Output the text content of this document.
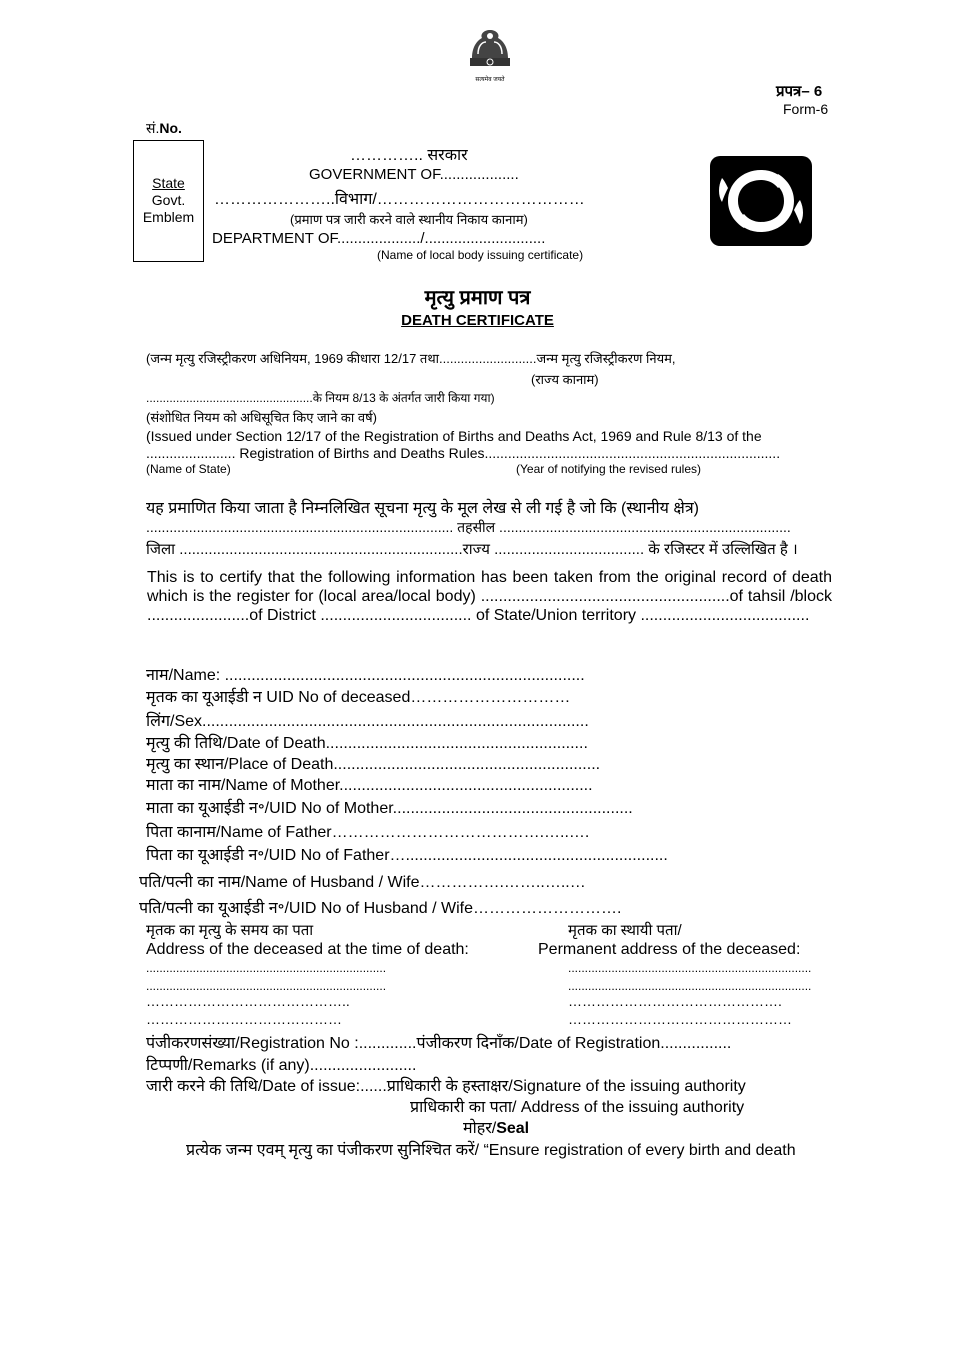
सत्यमेव जयते
प्रपत्र– 6
Form-6
सं.No.
State
Govt.
Emblem
………….. सरकार
GOVERNMENT OF...................
…………………..विभाग/…………………………………
(प्रमाण पत्र जारी करने वाले स्थानीय निकाय कानाम)
DEPARTMENT OF..................../.............................
(Name of local body issuing certificate)
मृत्यु प्रमाण पत्र
DEATH CERTIFICATE
(जन्म मृत्यु रजिस्ट्रीकरण अधिनियम, 1969 कीधारा 12/17 तथा...........................जन्म मृत्यु रजिस्ट्रीकरण नियम,
(राज्य कानाम)
..................................................के नियम 8/13 के अंतर्गत जारी किया गया)
(संशोधित नियम को अधिसूचित किए जाने का वर्ष)
(Issued under Section 12/17 of the Registration of Births and Deaths Act, 1969 and Rule 8/13 of the
....................... Registration of Births and Deaths Rules............................................................................
(Name of State)	(Year of notifying the revised rules)
यह प्रमाणित किया जाता है निम्नलिखित सूचना मृत्यु के मूल लेख से ली गई है जो कि (स्थानीय क्षेत्र)
............................................................................... तहसील ...........................................................................
जिला ....................................................................राज्य .................................... के रजिस्टर में उल्लिखित है ।
This is to certify that the following information has been taken from the original record of death which is the register for (local area/local body) ........................................................of tahsil /block .......................of District .................................. of State/Union territory ......................................
नाम/Name: .................................................................................
मृतक का यूआईडी न UID No of deceased…………………………
लिंग/Sex.......................................................................................
मृत्यु की तिथि/Date of Death...........................................................
मृत्यु का स्थान/Place of Death............................................................
माता का नाम/Name of Mother.........................................................
माता का यूआईडी न॰/UID No of Mother......................................................
पिता कानाम/Name of Father………………………………….…..….
पिता का यूआईडी न॰/UID No of Father…...........................................................
पति/पत्नी का नाम/Name of Husband / Wife…………….……..…..…
पति/पत्नी का यूआईडी न॰/UID No of Husband / Wife……………………….
मृतक का मृत्यु के समय का पता
Address of the deceased at the time of death:
मृतक का स्थायी पता/
Permanent address of the deceased:
........................................................................
........................................................................
……………………………………..
……………………………………
.........................................................................
.........................................................................
……………………………………….
…………………………………………
पंजीकरणसंख्या/Registration No :.............पंजीकरण दिनाँक/Date of Registration................
टिप्पणी/Remarks (if any)........................
जारी करने की तिथि/Date of issue:......प्राधिकारी के हस्ताक्षर/Signature of the issuing authority
प्राधिकारी का पता/ Address of the issuing authority
मोहर/Seal
प्रत्येक जन्म एवम् मृत्यु का पंजीकरण सुनिश्चित करें/ “Ensure registration of every birth and death
